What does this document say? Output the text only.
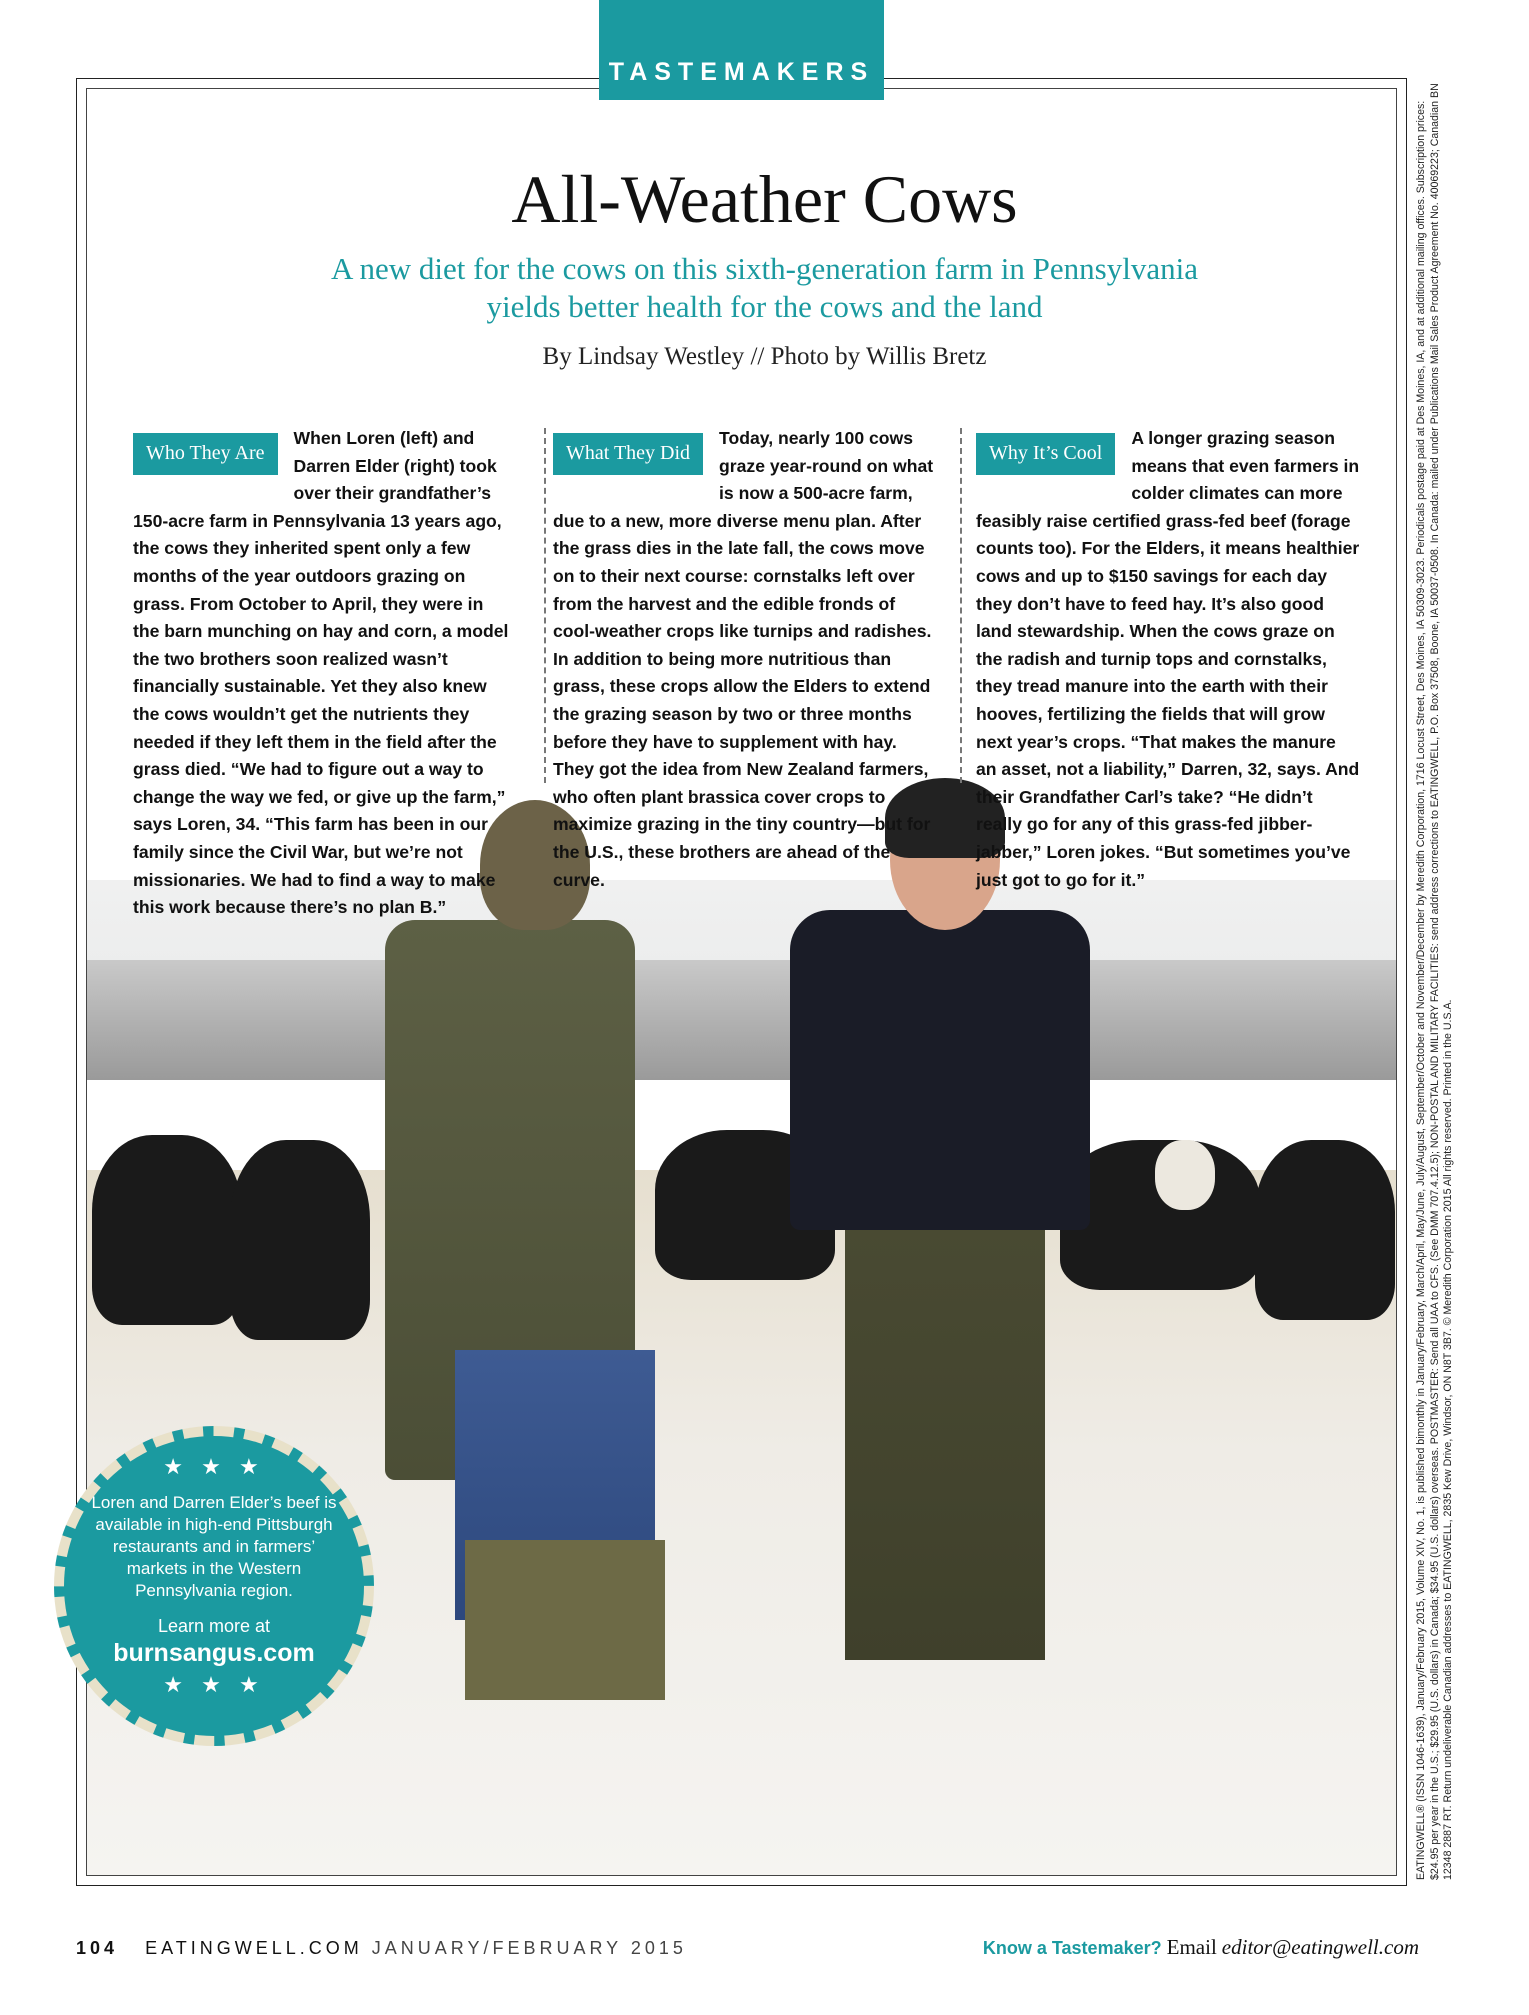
TASTEMAKERS
All-Weather Cows
A new diet for the cows on this sixth-generation farm in Pennsylvania
yields better health for the cows and the land
By Lindsay Westley // Photo by Willis Bretz
Who They Are

When Loren (left) and Darren Elder (right) took over their grandfather’s 150-acre farm in Pennsylvania 13 years ago, the cows they inherited spent only a few months of the year outdoors grazing on grass. From October to April, they were in the barn munching on hay and corn, a model the two brothers soon realized wasn’t financially sustainable. Yet they also knew the cows wouldn’t get the nutrients they needed if they left them in the field after the grass died. “We had to figure out a way to change the way we fed, or give up the farm,” says Loren, 34. “This farm has been in our family since the Civil War, but we’re not missionaries. We had to find a way to make this work because there’s no plan B.”

What They Did

Today, nearly 100 cows graze year-round on what is now a 500-acre farm, due to a new, more diverse menu plan. After the grass dies in the late fall, the cows move on to their next course: cornstalks left over from the harvest and the edible fronds of cool-weather crops like turnips and radishes. In addition to being more nutritious than grass, these crops allow the Elders to extend the grazing season by two or three months before they have to supplement with hay. They got the idea from New Zealand farmers, who often plant brassica cover crops to maximize grazing in the tiny country—but for the U.S., these brothers are ahead of the curve.

Why It’s Cool

A longer grazing season means that even farmers in colder climates can more feasibly raise certified grass-fed beef (forage counts too). For the Elders, it means healthier cows and up to $150 savings for each day they don’t have to feed hay. It’s also good land stewardship. When the cows graze on the radish and turnip tops and cornstalks, they tread manure into the earth with their hooves, fertilizing the fields that will grow next year’s crops. “That makes the manure an asset, not a liability,” Darren, 32, says. And their Grandfather Carl’s take? “He didn’t really go for any of this grass-fed jibber-jabber,” Loren jokes. “But sometimes you’ve just got to go for it.”

★ ★ ★
Loren and Darren Elder’s beef is available in high-end Pittsburgh restaurants and in farmers’ markets in the Western Pennsylvania region.
Learn more at
burnsangus.com
★ ★ ★	EATINGWELL® (ISSN 1046-1639), January/February 2015, Volume XIV, No. 1, is published bimonthly in January/February, March/April, May/June, July/August, September/October and November/December by Meredith Corporation, 1716 Locust Street, Des Moines, IA 50309-3023. Periodicals postage paid at Des Moines, IA, and at additional mailing offices. Subscription prices: $24.95 per year in the U.S.; $29.95 (U.S. dollars) in Canada; $34.95 (U.S. dollars) overseas. POSTMASTER: Send all UAA to CFS. (See DMM 707.4.12.5); NON-POSTAL AND MILITARY FACILITIES: send address corrections to EATINGWELL, P.O. Box 37508, Boone, IA 50037-0508. In Canada: mailed under Publications Mail Sales Product Agreement No. 40069223; Canadian BN 12348 2887 RT. Return undeliverable Canadian addresses to EATINGWELL, 2835 Kew Drive, Windsor, ON N8T 3B7. © Meredith Corporation 2015 All rights reserved. Printed in the U.S.A.
104 EATINGWELL.COM JANUARY/FEBRUARY 2015	Know a Tastemaker? Email editor@eatingwell.com
